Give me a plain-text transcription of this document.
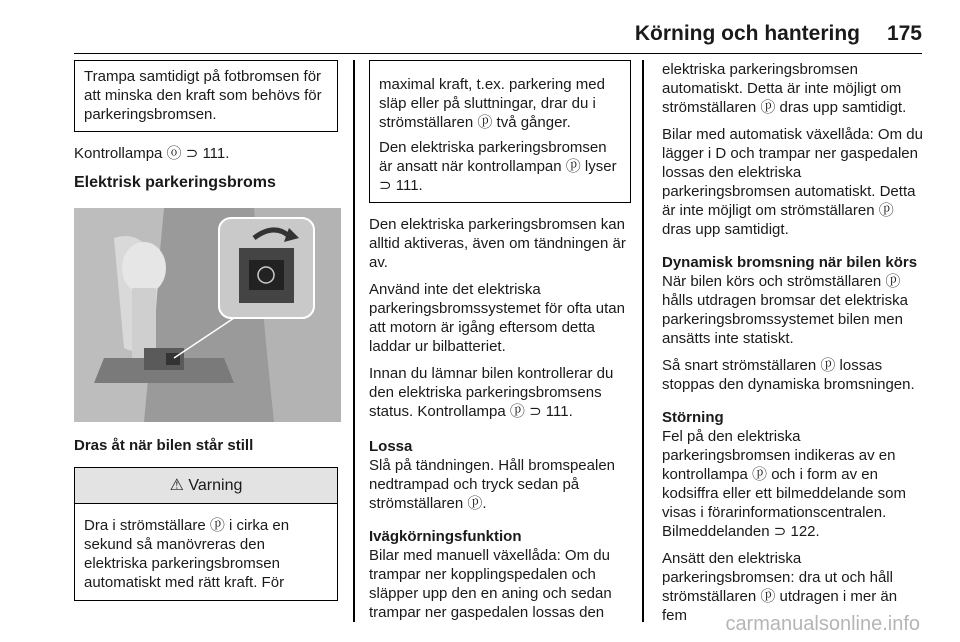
Körning och hantering 175

Trampa samtidigt på fotbromsen för att minska den kraft som behövs för parkeringsbromsen.

Kontrollampa ⓞ ⊃ 111.

Elektrisk parkeringsbroms

Dras åt när bilen står still

⚠ Varning

Dra i strömställare ⓟ i cirka en sekund så manövreras den elektriska parkeringsbromsen automatiskt med rätt kraft. För

maximal kraft, t.ex. parkering med släp eller på sluttningar, drar du i strömställaren ⓟ två gånger.

Den elektriska parkeringsbromsen är ansatt när kontrollampan ⓟ lyser ⊃ 111.

Den elektriska parkeringsbromsen kan alltid aktiveras, även om tändningen är av.

Använd inte det elektriska parkeringsbromssystemet för ofta utan att motorn är igång eftersom detta laddar ur bilbatteriet.

Innan du lämnar bilen kontrollerar du den elektriska parkeringsbromsens status. Kontrollampa ⓟ ⊃ 111.

Lossa

Slå på tändningen. Håll bromspealen nedtrampad och tryck sedan på strömställaren ⓟ.

Ivägkörningsfunktion

Bilar med manuell växellåda: Om du trampar ner kopplingspedalen och släpper upp den en aning och sedan trampar ner gaspedalen lossas den

elektriska parkeringsbromsen automatiskt. Detta är inte möjligt om strömställaren ⓟ dras upp samtidigt.

Bilar med automatisk växellåda: Om du lägger i D och trampar ner gaspedalen lossas den elektriska parkeringsbromsen automatiskt. Detta är inte möjligt om strömställaren ⓟ dras upp samtidigt.

Dynamisk bromsning när bilen körs

När bilen körs och strömställaren ⓟ hålls utdragen bromsar det elektriska parkeringsbromssystemet bilen men ansätts inte statiskt.

Så snart strömställaren ⓟ lossas stoppas den dynamiska bromsningen.

Störning

Fel på den elektriska parkeringsbromsen indikeras av en kontrollampa ⓟ och i form av en kodsiffra eller ett bilmeddelande som visas i förarinformationscentralen. Bilmeddelanden ⊃ 122.

Ansätt den elektriska parkeringsbromsen: dra ut och håll strömställaren ⓟ utdragen i mer än fem	carmanualsonline.info
